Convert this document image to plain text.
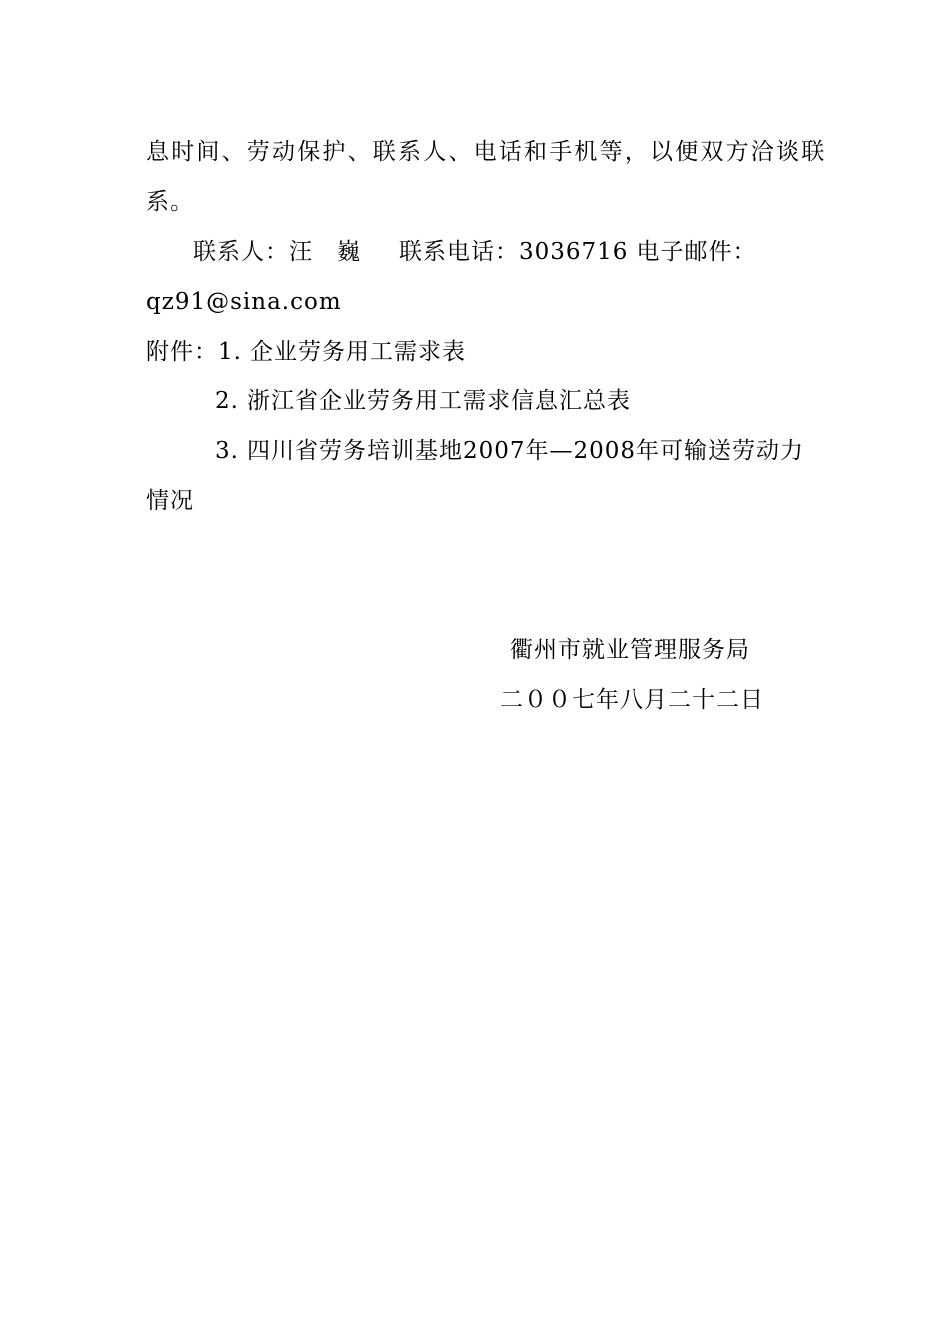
息时间、劳动保护、联系人、电话和手机等，以便双方洽谈联
系。
联系人：汪　巍 联系电话：3036716 电子邮件：
qz91@sina.com
附件：1. 企业劳务用工需求表
2. 浙江省企业劳务用工需求信息汇总表
3. 四川省劳务培训基地2007年—2008年可输送劳动力
情况
衢州市就业管理服务局
二００七年八月二十二日
